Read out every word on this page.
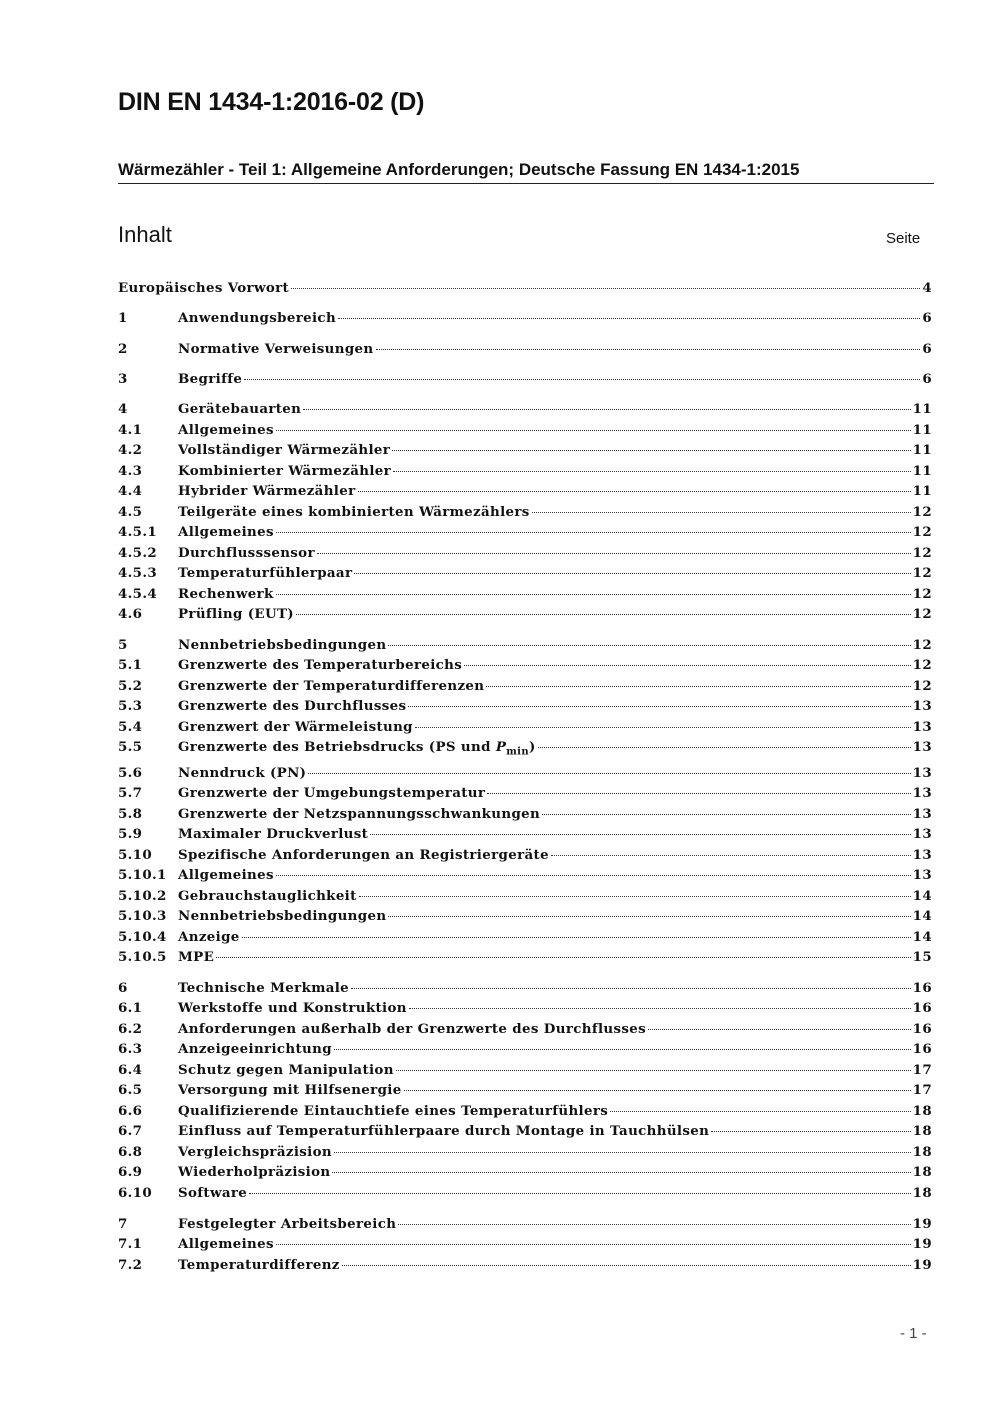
DIN EN 1434-1:2016-02 (D)
Wärmezähler - Teil 1: Allgemeine Anforderungen; Deutsche Fassung EN 1434-1:2015
Inhalt	Seite
Europäisches Vorwort	4
1	Anwendungsbereich	6
2	Normative Verweisungen	6
3	Begriffe	6
4	Gerätebauarten	11
4.1	Allgemeines	11
4.2	Vollständiger Wärmezähler	11
4.3	Kombinierter Wärmezähler	11
4.4	Hybrider Wärmezähler	11
4.5	Teilgeräte eines kombinierten Wärmezählers	12
4.5.1	Allgemeines	12
4.5.2	Durchflusssensor	12
4.5.3	Temperaturfühlerpaar	12
4.5.4	Rechenwerk	12
4.6	Prüfling (EUT)	12
5	Nennbetriebsbedingungen	12
5.1	Grenzwerte des Temperaturbereichs	12
5.2	Grenzwerte der Temperaturdifferenzen	12
5.3	Grenzwerte des Durchflusses	13
5.4	Grenzwert der Wärmeleistung	13
5.5	Grenzwerte des Betriebsdrucks (PS und $P_{min}$)	13
5.6	Nenndruck (PN)	13
5.7	Grenzwerte der Umgebungstemperatur	13
5.8	Grenzwerte der Netzspannungsschwankungen	13
5.9	Maximaler Druckverlust	13
5.10	Spezifische Anforderungen an Registriergeräte	13
5.10.1 Allgemeines	13
5.10.2 Gebrauchstauglichkeit	14
5.10.3 Nennbetriebsbedingungen	14
5.10.4 Anzeige	14
5.10.5 MPE	15
6	Technische Merkmale	16
6.1	Werkstoffe und Konstruktion	16
6.2	Anforderungen außerhalb der Grenzwerte des Durchflusses	16
6.3	Anzeigeeinrichtung	16
6.4	Schutz gegen Manipulation	17
6.5	Versorgung mit Hilfsenergie	17
6.6	Qualifizierende Eintauchtiefe eines Temperaturfühlers	18
6.7	Einfluss auf Temperaturfühlerpaare durch Montage in Tauchhülsen	18
6.8	Vergleichspräzision	18
6.9	Wiederholpräzision	18
6.10	Software	18
7	Festgelegter Arbeitsbereich	19
7.1	Allgemeines	19
7.2	Temperaturdifferenz	19
- 1 -
